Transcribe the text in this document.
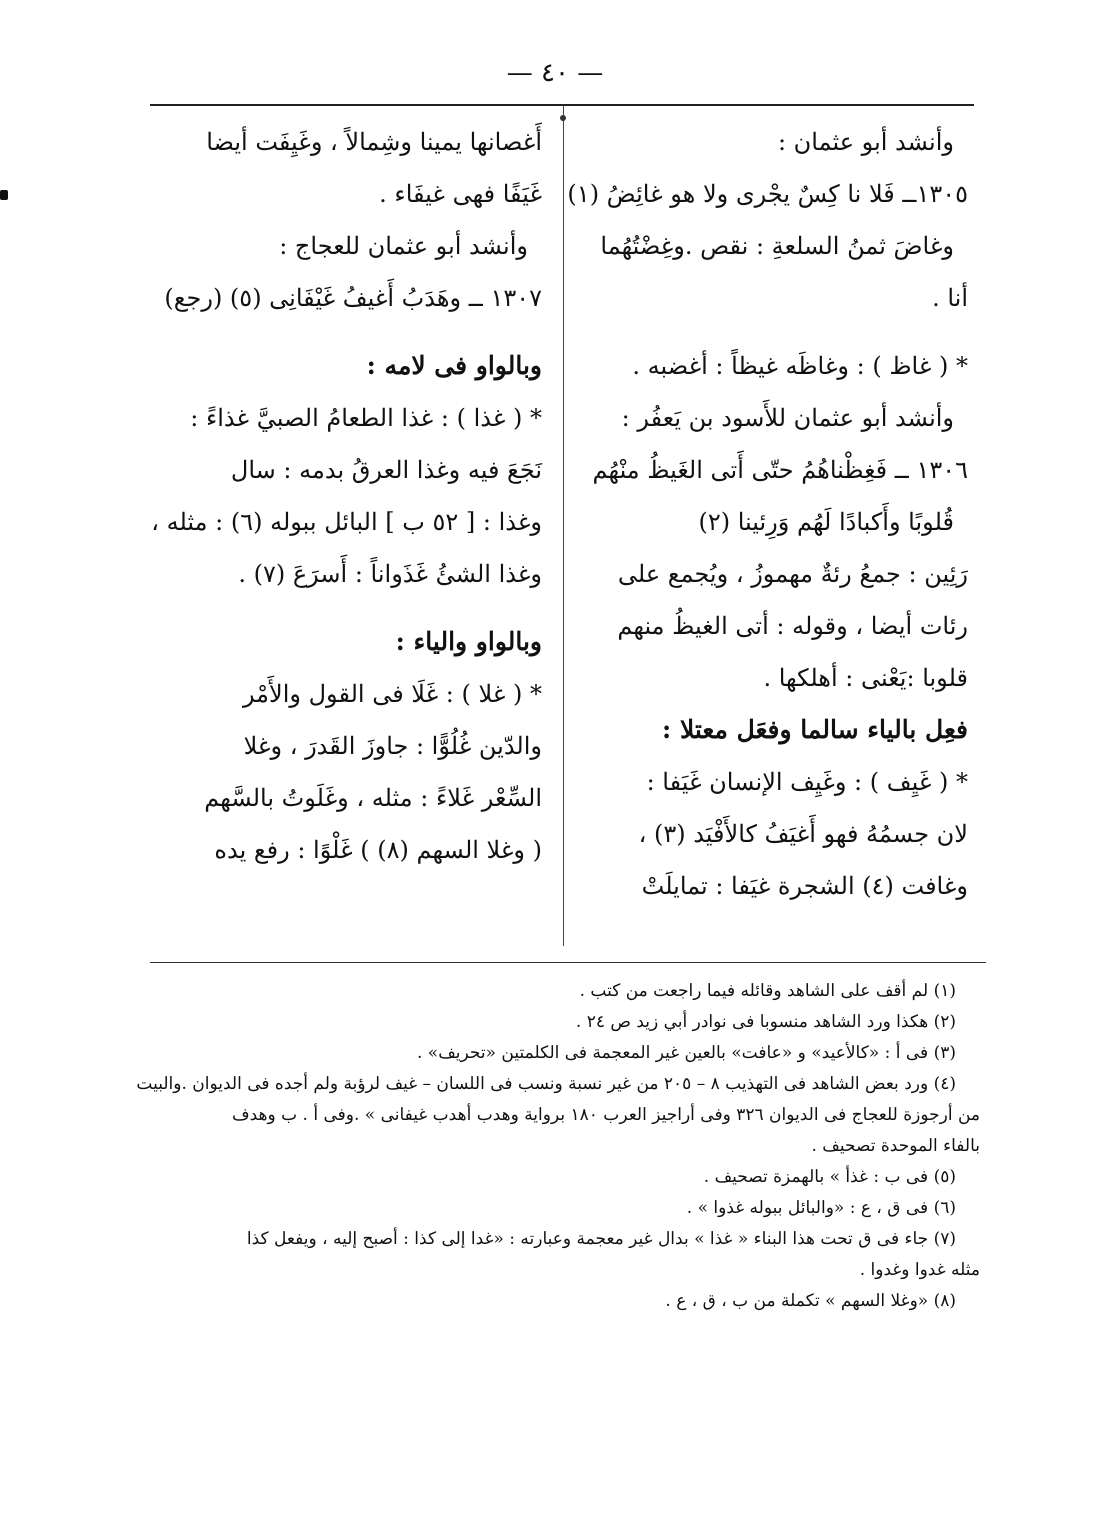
— ٤٠ —
وأنشد أبو عثمان :
١٣٠٥ــ فَلا نا كِسٌ يجْرى ولا هو غائِضُ (١)
وغاضَ ثمنُ السلعةِ : نقص .وغِضْتُهُما
أنا .
* ( غاظ ) : وغاظَه غيظاً : أغضبه .
وأنشد أبو عثمان للأَسود بن يَعفُر :
١٣٠٦ ــ فَغِظْناهُمُ حتّى أَتى الغَيظُ منْهُم
قُلوبًا وأَكبادًا لَهُم وَرِئينا (٢)
رَئِين : جمعُ رئةٌ مهموزُ ، ويُجمع على
رئات أيضا ، وقوله : أتى الغيظُ منهم
قلوبا :يَعْنى : أهلكها .
فعِل بالياء سالما وفعَل معتلا :
* ( غَيِف ) : وغَيِف الإنسان غَيَفا :
لان جسمُهُ فهو أَغيَفُ كالأَفْيَد (٣) ،
وغافت (٤) الشجرة غيَفا : تمايلَتْ
أَغصانها يمينا وشِمالاً ، وغَيِفَت أيضا
غَيَفًا فهى غيفَاء .
وأنشد أبو عثمان للعجاج :
١٣٠٧ ــ وهَدَبُ أَغيفُ غَيْفَانِى (٥) (رجع)
وبالواو فى لامه :
* ( غذا ) : غذا الطعامُ الصبيَّ غذاءً :
نَجَعَ فيه وغذا العرقُ بدمه : سال
وغذا : [ ٥٢ ب ] البائل ببوله (٦) : مثله ،
وغذا الشئُ غَذَواناً : أَسرَعَ (٧) .
وبالواو والياء :
* ( غلا ) : غَلَا فى القول والأَمْر
والدّين غُلُوًّا : جاوزَ القَدرَ ، وغلا
السِّعْر غَلاءً : مثله ، وغَلَوتُ بالسَّهم
( وغلا السهم (٨) ) غَلْوًا : رفع يده
(١) لم أقف على الشاهد وقائله فيما راجعت من كتب .
(٢) هكذا ورد الشاهد منسوبا فى نوادر أبي زيد ص ٢٤ .
(٣) فى أ : «كالأعيد» و «عافت» بالعين غير المعجمة فى الكلمتين «تحريف» .
(٤) ورد بعض الشاهد فى التهذيب ٨ – ٢٠٥ من غير نسبة ونسب فى اللسان – غيف لرؤبة ولم أجده فى الديوان .والبيت
من أرجوزة للعجاج فى الديوان ٣٢٦ وفى أراجيز العرب ١٨٠ برواية وهدب أهدب غيفانى » .وفى أ . ب وهدف
بالفاء الموحدة تصحيف .
(٥) فى ب : غذأ » بالهمزة تصحيف .
(٦) فى ق ، ع : «والبائل ببوله غذوا » .
(٧) جاء فى ق تحت هذا البناء « غذا » بدال غير معجمة وعبارته : «غدا إلى كذا : أصبح إليه ، ويفعل كذا
مثله غدوا وغدوا .
(٨) «وغلا السهم » تكملة من ب ، ق ، ع .
